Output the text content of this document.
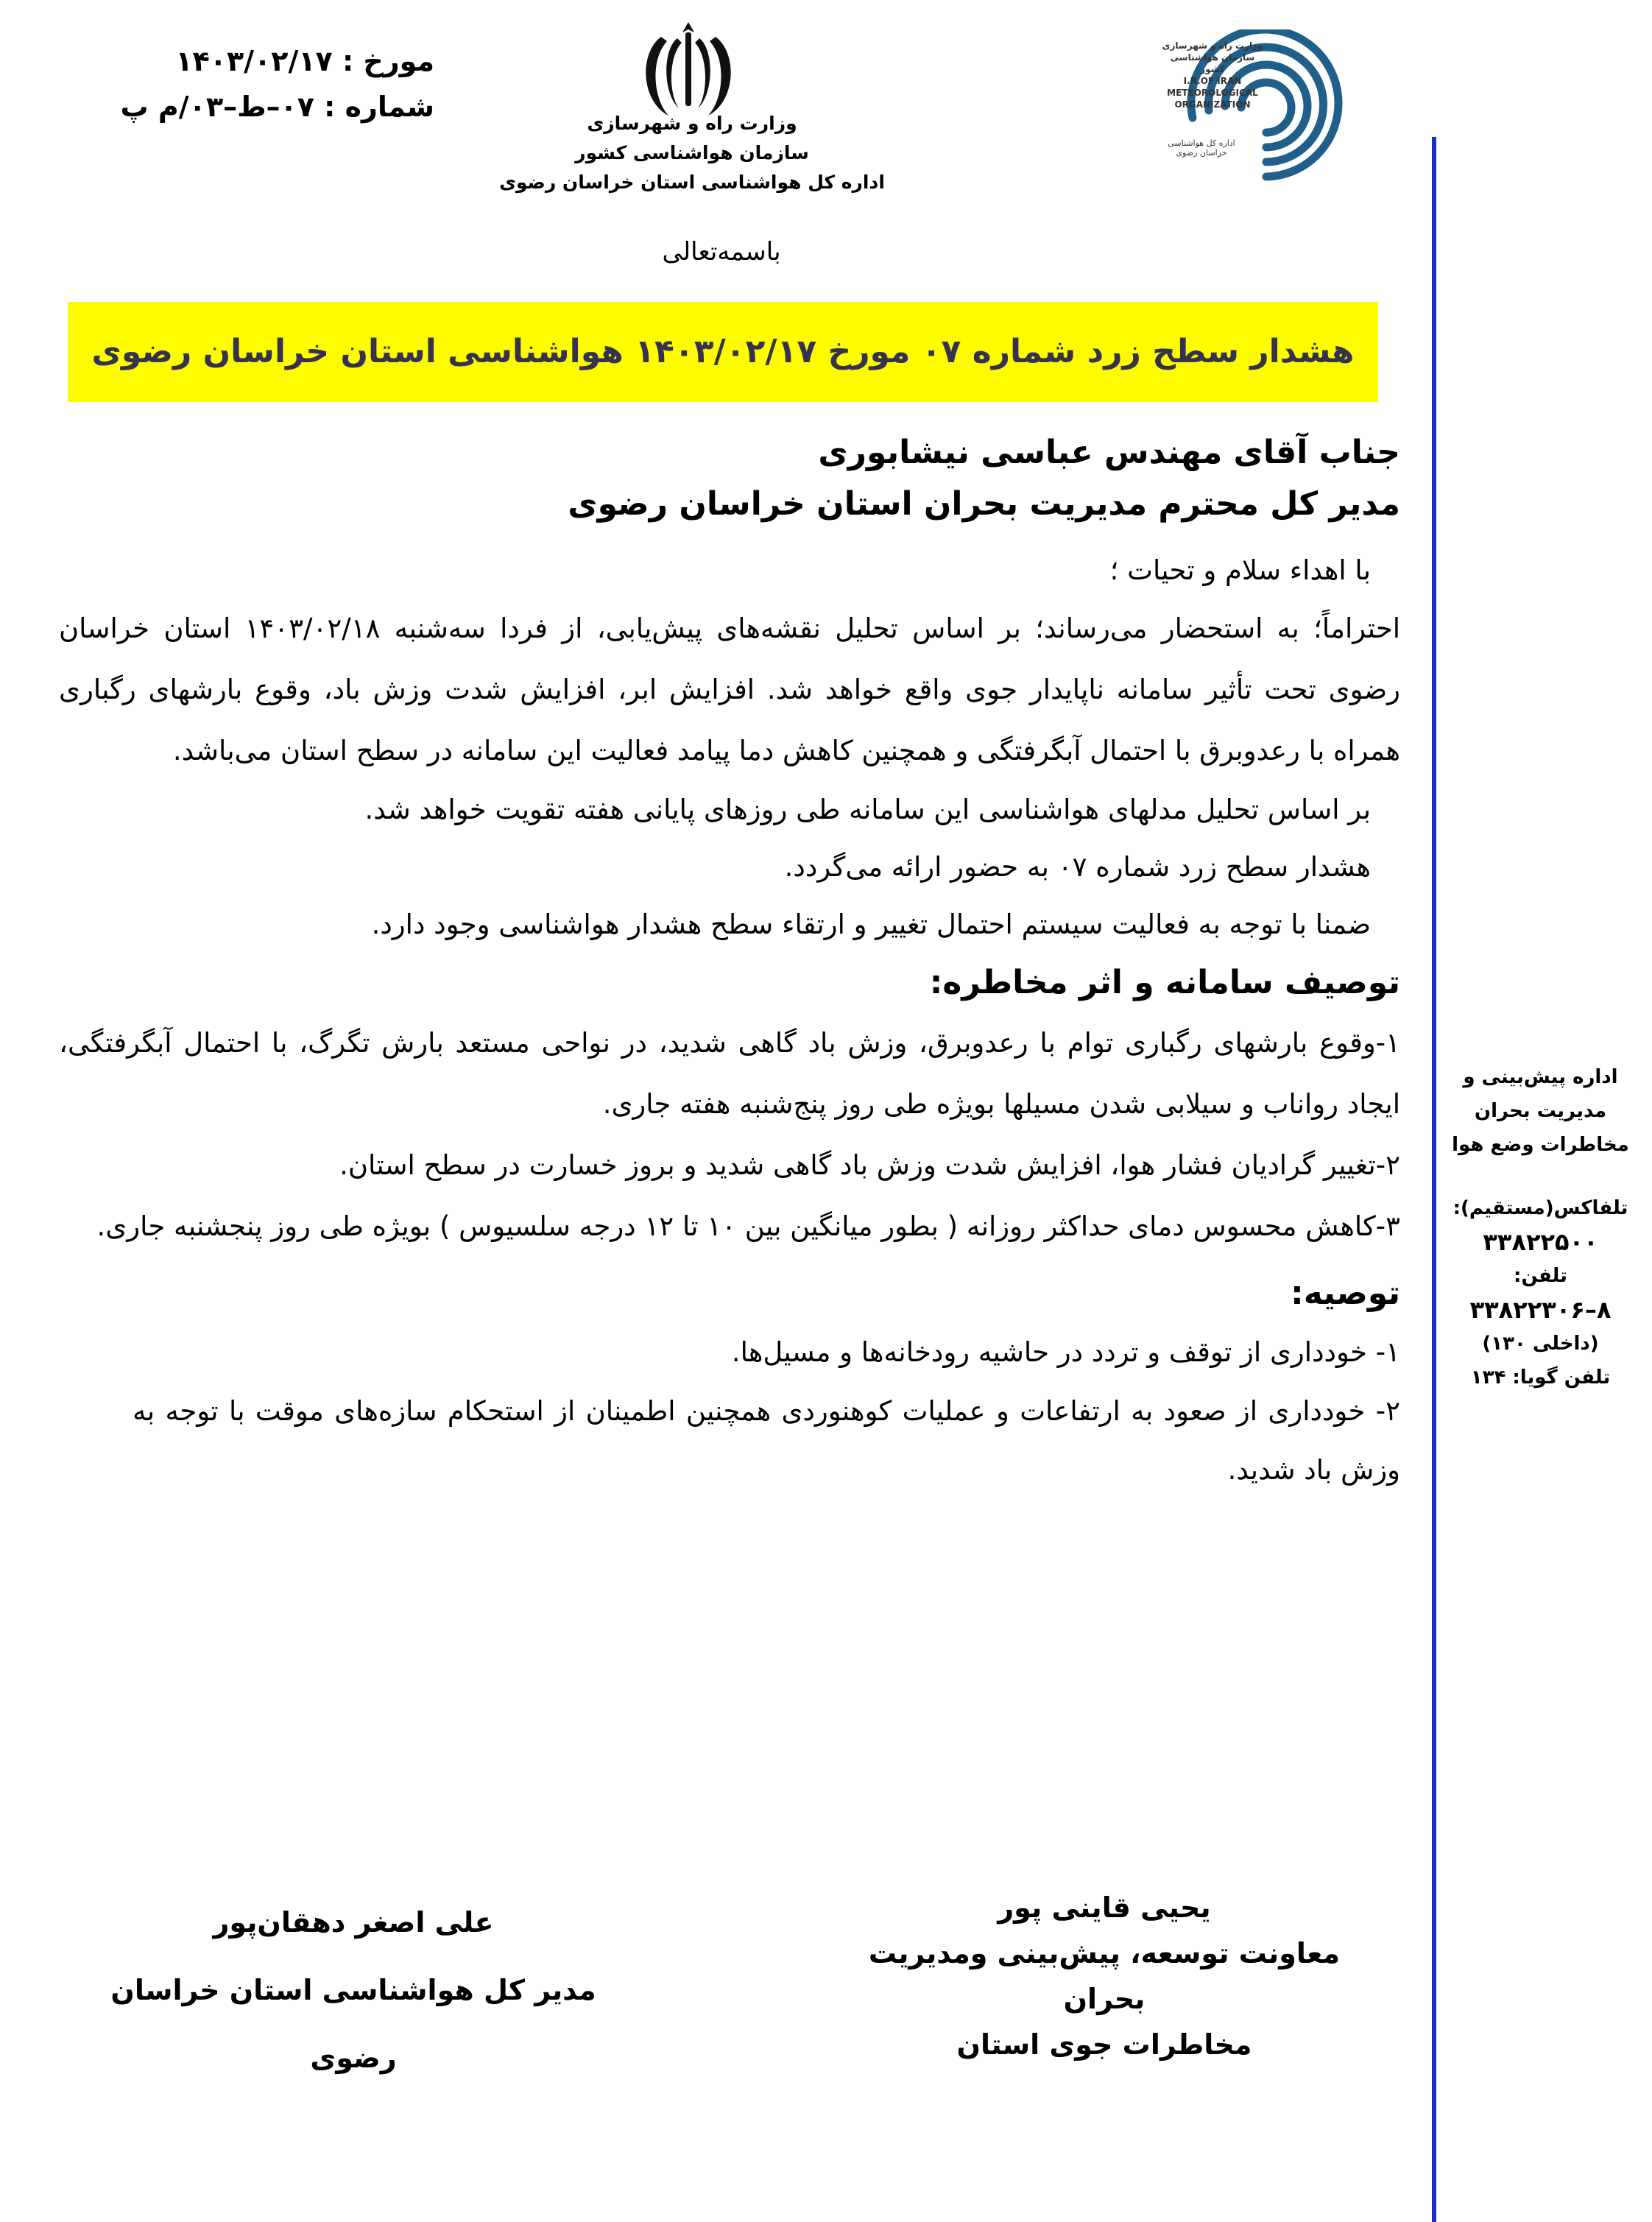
مورخ : ۱۴۰۳/۰۲/۱۷
شماره : ۰۷–ط–۰۳/م پ
وزارت راه و شهرسازی
سازمان هواشناسی کشور
اداره کل هواشناسی استان خراسان رضوی
وزارت راه و شهرسازی
سازمان هواشناسی کشور
I.R.OF IRAN
METEOROLOGICAL
ORGANIZATION
اداره کل هواشناسی خراسان رضوی
باسمه‌تعالی
هشدار سطح زرد شماره ۰۷ مورخ ۱۴۰۳/۰۲/۱۷ هواشناسی استان خراسان رضوی

جناب آقای مهندس عباسی نیشابوری

مدیر کل محترم مدیریت بحران استان خراسان رضوی

با اهداء سلام و تحیات ؛

احتراماً؛ به استحضار می‌رساند؛ بر اساس تحلیل نقشه‌های پیش‌یابی، از فردا سه‌شنبه ۱۴۰۳/۰۲/۱۸ استان خراسان رضوی تحت تأثیر سامانه ناپایدار جوی واقع خواهد شد. افزایش ابر، افزایش شدت وزش باد، وقوع بارشهای رگباری همراه با رعدوبرق با احتمال آبگرفتگی و همچنین کاهش دما پیامد فعالیت این سامانه در سطح استان می‌باشد.

بر اساس تحلیل مدلهای هواشناسی این سامانه طی روزهای پایانی هفته تقویت خواهد شد.

هشدار سطح زرد شماره ۰۷ به حضور ارائه می‌گردد.

ضمنا با توجه به فعالیت سیستم احتمال تغییر و ارتقاء سطح هشدار هواشناسی وجود دارد.

توصیف سامانه و اثر مخاطره:

۱-وقوع بارشهای رگباری توام با رعدوبرق، وزش باد گاهی شدید، در نواحی مستعد بارش تگرگ، با احتمال آبگرفتگی، ایجاد رواناب و سیلابی شدن مسیلها بویژه طی روز پنج‌شنبه هفته جاری.

۲-تغییر گرادیان فشار هوا، افزایش شدت وزش باد گاهی شدید و بروز خسارت در سطح استان.

۳-کاهش محسوس دمای حداکثر روزانه ( بطور میانگین بین ۱۰ تا ۱۲ درجه سلسیوس ) بویژه طی روز پنجشنبه جاری.

توصیه:

۱- خودداری از توقف و تردد در حاشیه رودخانه‌ها و مسیل‌ها.

۲- خودداری از صعود به ارتفاعات و عملیات کوهنوردی همچنین اطمینان از استحکام سازه‌های موقت با توجه به وزش باد شدید.

اداره پیش‌بینی و مدیریت بحران مخاطرات وضع هوا
تلفاکس(مستقیم):
۳۳۸۲۲۵۰۰
تلفن:
۸–۳۳۸۲۲۳۰۶
(داخلی ۱۳۰)
تلفن گویا: ۱۳۴
علی اصغر دهقان‌پور
مدیر کل هواشناسی استان خراسان رضوی
یحیی قاینی پور
معاونت توسعه، پیش‌بینی ومدیریت بحران
مخاطرات جوی استان
